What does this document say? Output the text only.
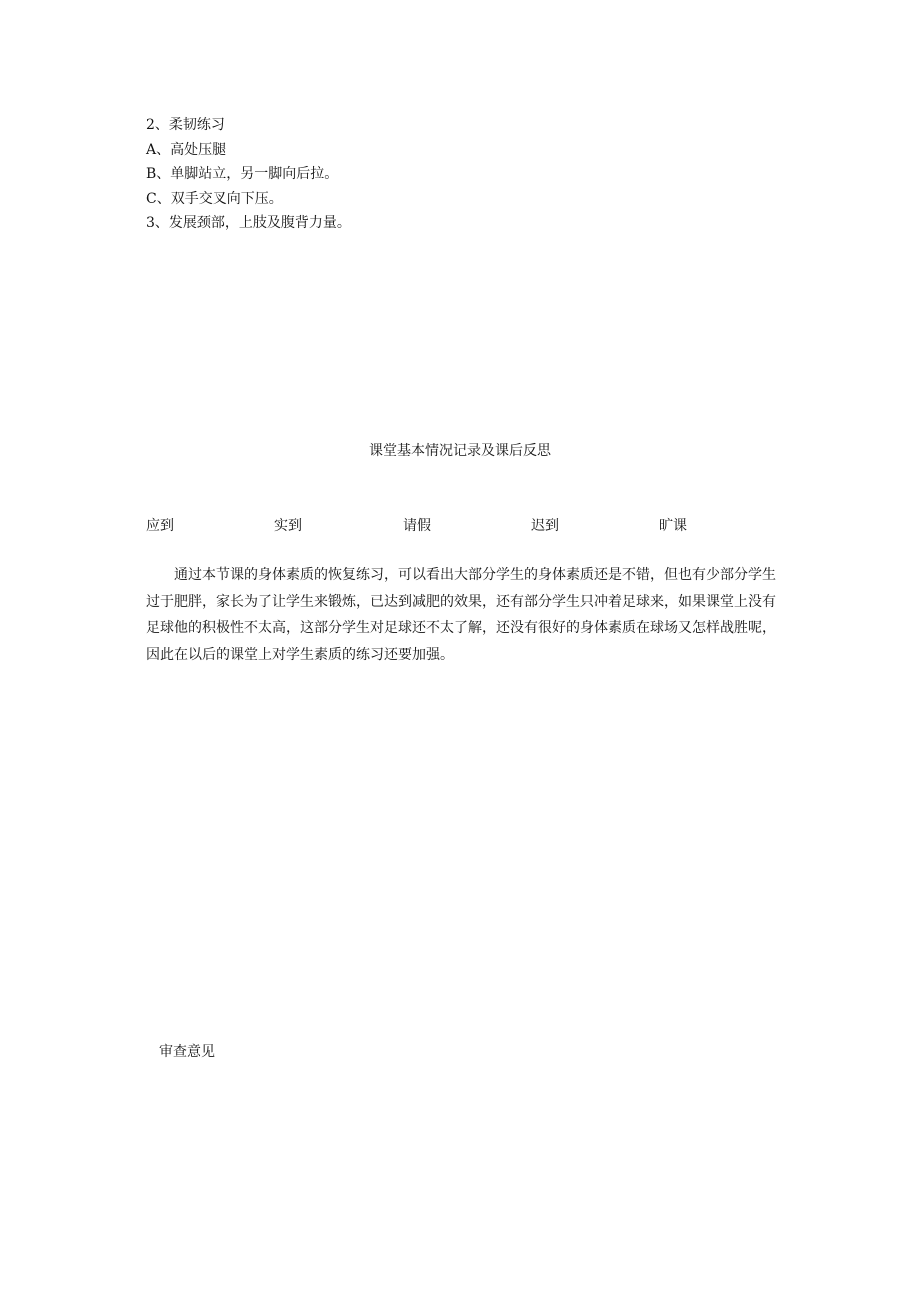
2、柔韧练习
A、高处压腿
B、单脚站立，另一脚向后拉。
C、双手交叉向下压。
3、发展颈部，上肢及腹背力量。
课堂基本情况记录及课后反思
应到	实到	请假	迟到	旷课

通过本节课的身体素质的恢复练习，可以看出大部分学生的身体素质还是不错，但也有少部分学生过于肥胖，家长为了让学生来锻炼，已达到减肥的效果，还有部分学生只冲着足球来，如果课堂上没有足球他的积极性不太高，这部分学生对足球还不太了解，还没有很好的身体素质在球场又怎样战胜呢，因此在以后的课堂上对学生素质的练习还要加强。

审查意见
